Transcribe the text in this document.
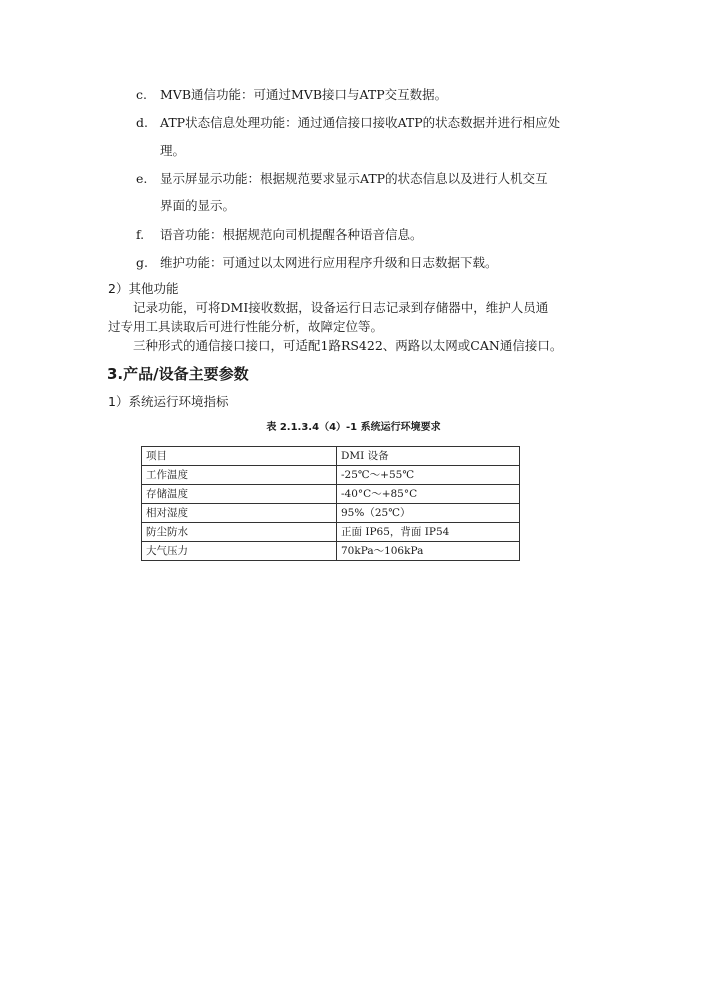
c.	MVB通信功能：可通过MVB接口与ATP交互数据。
d. ATP状态信息处理功能：通过通信接口接收ATP的状态数据并进行相应处
理。
e.	显示屏显示功能：根据规范要求显示ATP的状态信息以及进行人机交互
界面的显示。
f.	语音功能：根据规范向司机提醒各种语音信息。
g. 维护功能：可通过以太网进行应用程序升级和日志数据下载。
2）其他功能
记录功能，可将DMI接收数据，设备运行日志记录到存储器中，维护人员通
过专用工具读取后可进行性能分析，故障定位等。
三种形式的通信接口接口，可适配1路RS422、两路以太网或CAN通信接口。
3.产品/设备主要参数
1）系统运行环境指标
表 2.1.3.4（4）-1 系统运行环境要求
项目	DMI 设备
工作温度	-25℃～+55℃
存储温度	-40°C～+85°C
相对湿度	95%（25℃）
防尘防水	正面 IP65，背面 IP54
大气压力	70kPa～106kPa
